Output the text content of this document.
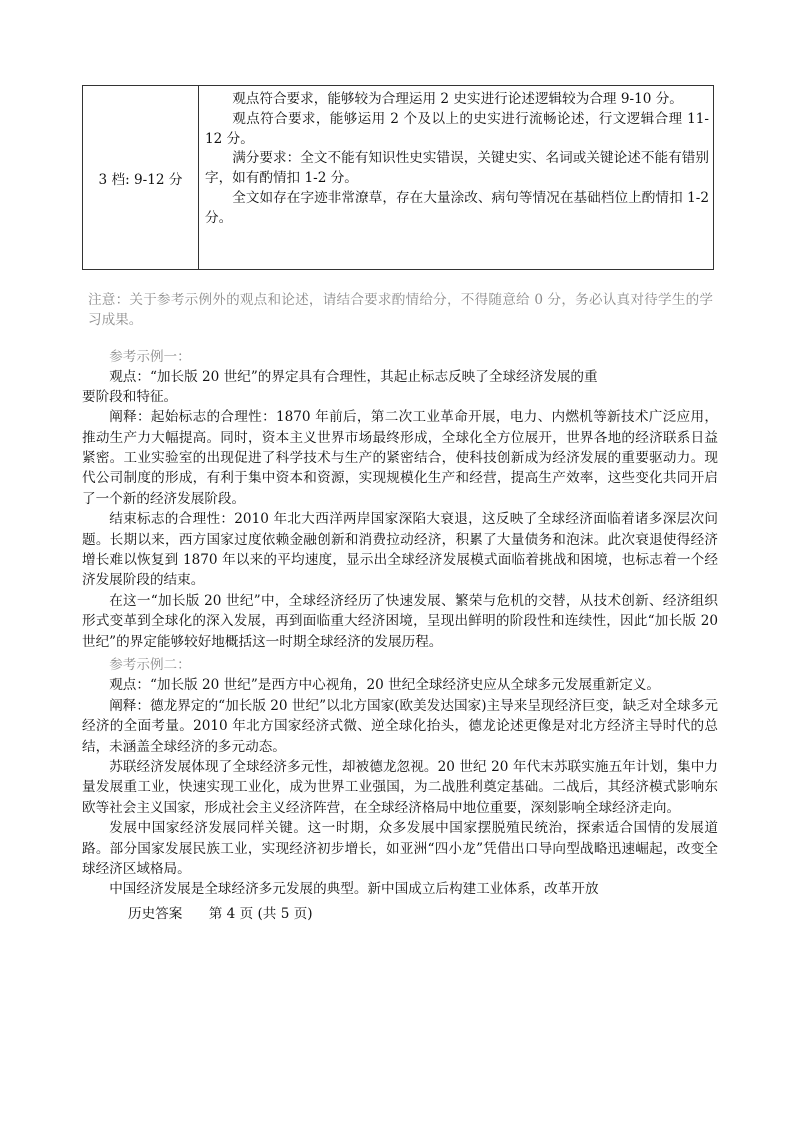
3 档: 9-12 分

观点符合要求，能够较为合理运用 2 史实进行论述逻辑较为合理 9-10 分。

观点符合要求，能够运用 2 个及以上的史实进行流畅论述，行文逻辑合理 11-12 分。

满分要求：全文不能有知识性史实错误，关键史实、名词或关键论述不能有错别字，如有酌情扣 1-2 分。

全文如存在字迹非常潦草，存在大量涂改、病句等情况在基础档位上酌情扣 1-2 分。

注意：关于参考示例外的观点和论述，请结合要求酌情给分，不得随意给 0 分，务必认真对待学生的学习成果。

参考示例一：

观点：“加长版 20 世纪”的界定具有合理性，其起止标志反映了全球经济发展的重

要阶段和特征。

阐释：起始标志的合理性：1870 年前后，第二次工业革命开展，电力、内燃机等新技术广泛应用，推动生产力大幅提高。同时，资本主义世界市场最终形成，全球化全方位展开，世界各地的经济联系日益紧密。工业实验室的出现促进了科学技术与生产的紧密结合，使科技创新成为经济发展的重要驱动力。现代公司制度的形成，有利于集中资本和资源，实现规模化生产和经营，提高生产效率，这些变化共同开启了一个新的经济发展阶段。

结束标志的合理性：2010 年北大西洋两岸国家深陷大衰退，这反映了全球经济面临着诸多深层次问题。长期以来，西方国家过度依赖金融创新和消费拉动经济，积累了大量债务和泡沫。此次衰退使得经济增长难以恢复到 1870 年以来的平均速度，显示出全球经济发展模式面临着挑战和困境，也标志着一个经济发展阶段的结束。

在这一“加长版 20 世纪”中，全球经济经历了快速发展、繁荣与危机的交替，从技术创新、经济组织形式变革到全球化的深入发展，再到面临重大经济困境，呈现出鲜明的阶段性和连续性，因此“加长版 20 世纪”的界定能够较好地概括这一时期全球经济的发展历程。

参考示例二：

观点：“加长版 20 世纪”是西方中心视角，20 世纪全球经济史应从全球多元发展重新定义。

阐释：德龙界定的“加长版 20 世纪”以北方国家(欧美发达国家)主导来呈现经济巨变，缺乏对全球多元经济的全面考量。2010 年北方国家经济式微、逆全球化抬头，德龙论述更像是对北方经济主导时代的总结，未涵盖全球经济的多元动态。

苏联经济发展体现了全球经济多元性，却被德龙忽视。20 世纪 20 年代末苏联实施五年计划，集中力量发展重工业，快速实现工业化，成为世界工业强国，为二战胜利奠定基础。二战后，其经济模式影响东欧等社会主义国家，形成社会主义经济阵营，在全球经济格局中地位重要，深刻影响全球经济走向。

发展中国家经济发展同样关键。这一时期，众多发展中国家摆脱殖民统治，探索适合国情的发展道路。部分国家发展民族工业，实现经济初步增长，如亚洲“四小龙”凭借出口导向型战略迅速崛起，改变全球经济区域格局。

中国经济发展是全球经济多元发展的典型。新中国成立后构建工业体系，改革开放

历史答案 第 4 页 (共 5 页)
